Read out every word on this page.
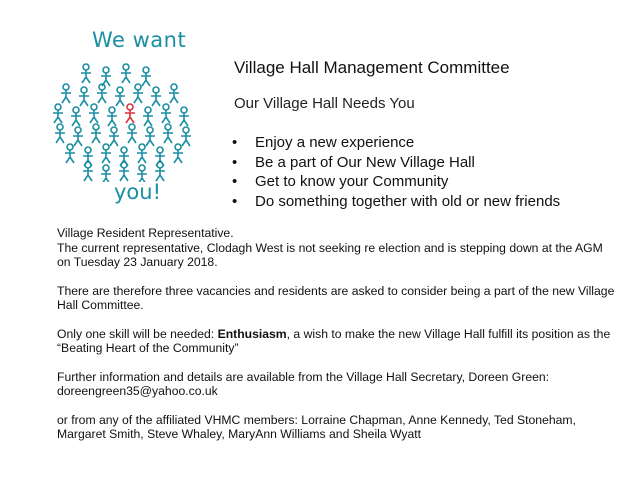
We want
you!
Village Hall Management Committee
Our Village Hall Needs You
• Enjoy a new experience
• Be a part of Our New Village Hall
• Get to know your Community
• Do something together with old or new friends

Village Resident Representative.

The current representative, Clodagh West is not seeking re election and is stepping down at the AGM on Tuesday 23 January 2018.

There are therefore three vacancies and residents are asked to consider being a part of the new Village Hall Committee.

Only one skill will be needed: Enthusiasm, a wish to make the new Village Hall fulfill its position as the “Beating Heart of the Community”

Further information and details are available from the Village Hall Secretary, Doreen Green:

doreengreen35@yahoo.co.uk

or from any of the affiliated VHMC members: Lorraine Chapman, Anne Kennedy, Ted Stoneham, Margaret Smith, Steve Whaley, MaryAnn Williams and Sheila Wyatt
